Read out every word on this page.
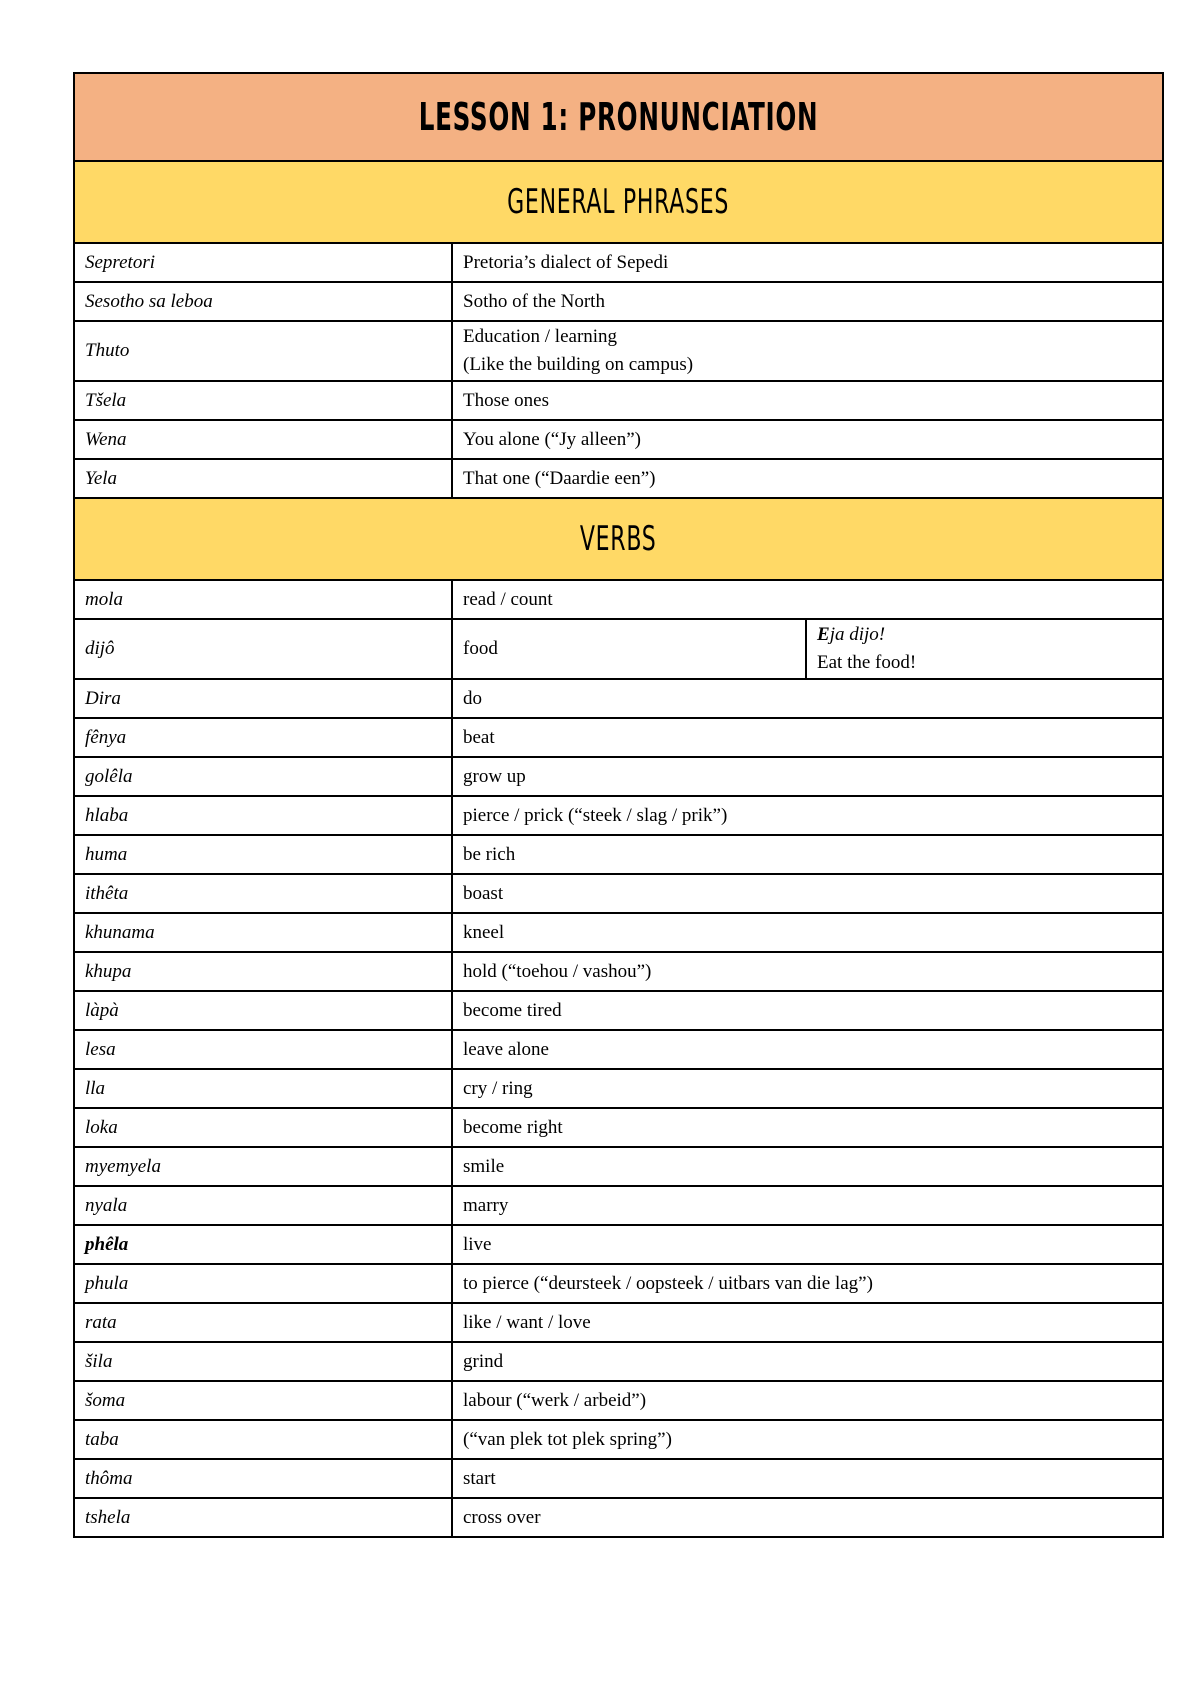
LESSON 1: PRONUNCIATION		
GENERAL PHRASES		
Sepretori	Pretoria’s dialect of Sepedi	

Sesotho sa leboa	Sotho of the North	

Thuto	Education / learning
(Like the building on campus)	

Tšela	Those ones	

Wena	You alone (“Jy alleen”)	

Yela	That one (“Daardie een”)	

VERBS		
mola	read / count	

dijô	food	Eja dijo!
Eat the food!

Dira	do	

fênya	beat	

golêla	grow up	

hlaba	pierce / prick (“steek / slag / prik”)	

huma	be rich	

ithêta	boast	

khunama	kneel	

khupa	hold (“toehou / vashou”)	

làpà	become tired	

lesa	leave alone	

lla	cry / ring	

loka	become right	

myemyela	smile	

nyala	marry	

phêla	live	

phula	to pierce (“deursteek / oopsteek / uitbars van die lag”)	

rata	like / want / love	

šila	grind	

šoma	labour (“werk / arbeid”)	

taba	(“van plek tot plek spring”)	

thôma	start	

tshela	cross over	
